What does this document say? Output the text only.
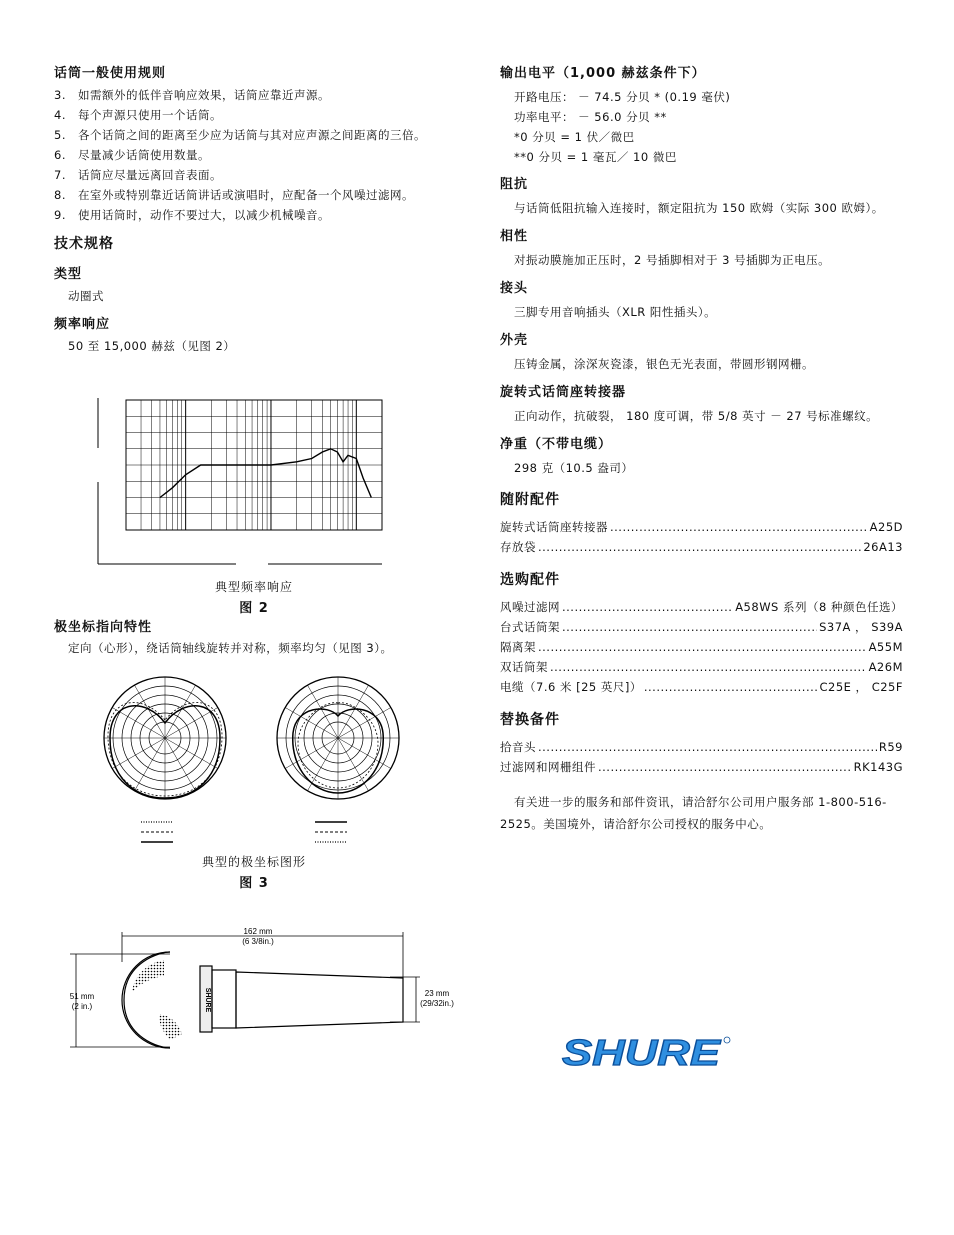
话筒一般使用规则
3.	如需额外的低伴音响应效果，话筒应靠近声源。
4.	每个声源只使用一个话筒。
5.	各个话筒之间的距离至少应为话筒与其对应声源之间距离的三倍。
6.	尽量减少话筒使用数量。
7.	话筒应尽量远离回音表面。
8.	在室外或特别靠近话筒讲话或演唱时，应配备一个风噪过滤网。
9.	使用话筒时，动作不要过大，以减少机械噪音。
技术规格
类型
动圈式
频率响应
50 至 15,000 赫兹（见图 2）
典型频率响应
图 2
极坐标指向特性
定向（心形），绕话筒轴线旋转并对称，频率均匀（见图 3）。
典型的极坐标图形
图 3
162 mm
(6 3/8in.)
51 mm
(2 in.)
23 mm
(29/32in.)
SHURE
输出电平（1,000 赫兹条件下）
开路电压： － 74.5 分贝 * (0.19 毫伏)
功率电平： － 56.0 分贝 **
*0 分贝 = 1 伏／微巴
**0 分贝 = 1 毫瓦／ 10 微巴
阻抗
与话筒低阻抗输入连接时，额定阻抗为 150 欧姆（实际 300 欧姆）。
相性
对振动膜施加正压时，2 号插脚相对于 3 号插脚为正电压。
接头
三脚专用音响插头（XLR 阳性插头）。
外壳
压铸金属，涂深灰瓷漆，银色无光表面，带圆形钢网栅。
旋转式话筒座转接器
正向动作，抗破裂， 180 度可调，带 5/8 英寸 － 27 号标准螺纹。
净重（不带电缆）
298 克（10.5 盎司）
随附配件
旋转式话筒座转接器 .....	A25D
存放袋 .....	26A13
选购配件
风噪过滤网 .....	A58WS 系列（8 种颜色任选）
台式话筒架 .....	S37A ， S39A
隔离架 .....	A55M
双话筒架 .....	A26M
电缆（7.6 米 [25 英尺]） .....	C25E ， C25F
替换备件
拾音头 .....	R59
过滤网和网栅组件 .....	RK143G
有关进一步的服务和部件资讯，请洽舒尔公司用户服务部 1-800-516-2525。美国境外，请洽舒尔公司授权的服务中心。
SHURE
